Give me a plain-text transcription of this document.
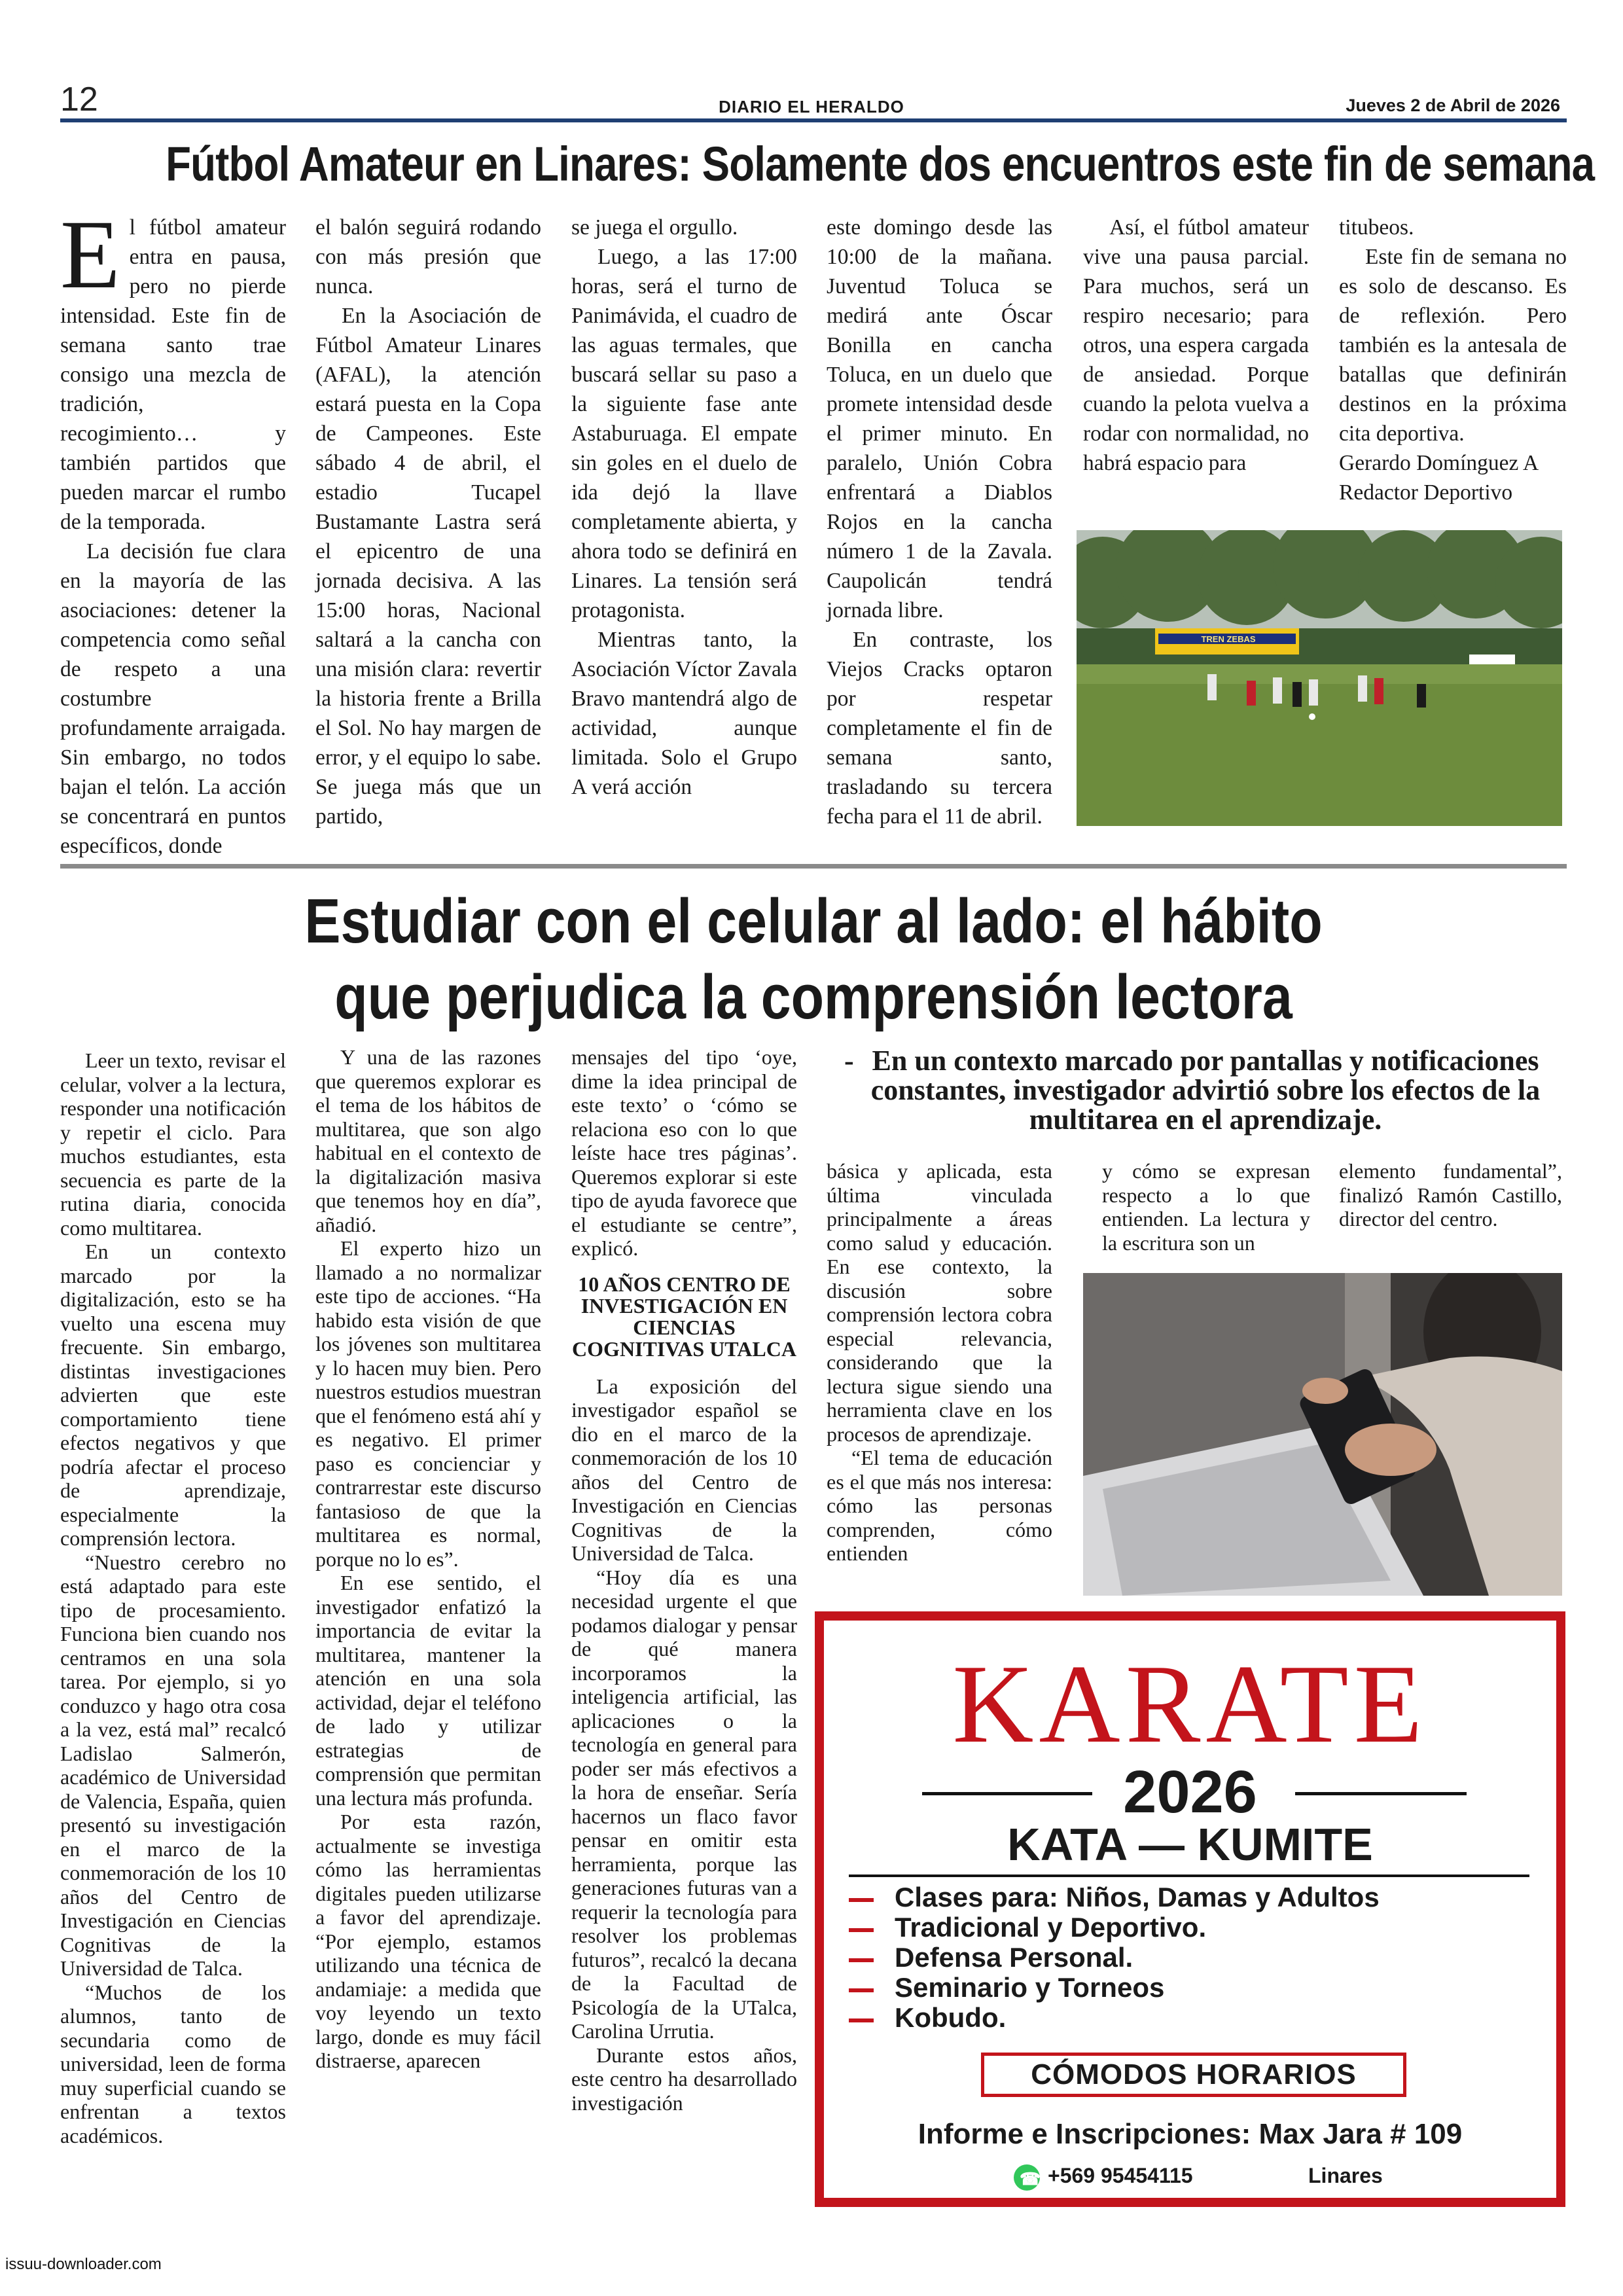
12	DIARIO EL HERALDO	Jueves 2 de Abril de 2026
Fútbol Amateur en Linares: Solamente dos encuentros este fin de semana
E l fútbol amateur entra en pausa, pero no pierde intensidad. Este fin de semana santo trae consigo una mezcla de tradición, recogimiento… y también partidos que pueden marcar el rumbo de la temporada.

La decisión fue clara en la mayoría de las asociaciones: detener la competencia como señal de respeto a una costumbre profundamente arraigada. Sin embargo, no todos bajan el telón. La acción se concentrará en puntos específicos, donde

el balón seguirá rodando con más presión que nunca.

En la Asociación de Fútbol Amateur Linares (AFAL), la atención estará puesta en la Copa de Campeones. Este sábado 4 de abril, el estadio Tucapel Bustamante Lastra será el epicentro de una jornada decisiva. A las 15:00 horas, Nacional saltará a la cancha con una misión clara: revertir la historia frente a Brilla el Sol. No hay margen de error, y el equipo lo sabe. Se juega más que un partido,

se juega el orgullo.

Luego, a las 17:00 horas, será el turno de Panimávida, el cuadro de las aguas termales, que buscará sellar su paso a la siguiente fase ante Astaburuaga. El empate sin goles en el duelo de ida dejó la llave completamente abierta, y ahora todo se definirá en Linares. La tensión será protagonista.

Mientras tanto, la Asociación Víctor Zavala Bravo mantendrá algo de actividad, aunque limitada. Solo el Grupo A verá acción

este domingo desde las 10:00 de la mañana. Juventud Toluca se medirá ante Óscar Bonilla en cancha Toluca, en un duelo que promete intensidad desde el primer minuto. En paralelo, Unión Cobra enfrentará a Diablos Rojos en la cancha número 1 de la Zavala. Caupolicán tendrá jornada libre.

En contraste, los Viejos Cracks optaron por respetar completamente el fin de semana santo, trasladando su tercera fecha para el 11 de abril.

Así, el fútbol amateur vive una pausa parcial. Para muchos, será un respiro necesario; para otros, una espera cargada de ansiedad. Porque cuando la pelota vuelva a rodar con normalidad, no habrá espacio para

titubeos.

Este fin de semana no es solo de descanso. Es de reflexión. Pero también es la antesala de batallas que definirán destinos en la próxima cita deportiva.

Gerardo Domínguez A

Redactor Deportivo

TREN ZEBAS
Estudiar con el celular al lado: el hábito
que perjudica la comprensión lectora
- En un contexto marcado por pantallas y notificaciones constantes, investigador advirtió sobre los efectos de la multitarea en el aprendizaje.

Leer un texto, revisar el celular, volver a la lectura, responder una notificación y repetir el ciclo. Para muchos estudiantes, esta secuencia es parte de la rutina diaria, conocida como multitarea.

En un contexto marcado por la digitalización, esto se ha vuelto una escena muy frecuente. Sin embargo, distintas investigaciones advierten que este comportamiento tiene efectos negativos y que podría afectar el proceso de aprendizaje, especialmente la comprensión lectora.

“Nuestro cerebro no está adaptado para este tipo de procesamiento. Funciona bien cuando nos centramos en una sola tarea. Por ejemplo, si yo conduzco y hago otra cosa a la vez, está mal” recalcó Ladislao Salmerón, académico de Universidad de Valencia, España, quien presentó su investigación en el marco de la conmemoración de los 10 años del Centro de Investigación en Ciencias Cognitivas de la Universidad de Talca.

“Muchos de los alumnos, tanto de secundaria como de universidad, leen de forma muy superficial cuando se enfrentan a textos académicos.

Y una de las razones que queremos explorar es el tema de los hábitos de multitarea, que son algo habitual en el contexto de la digitalización masiva que tenemos hoy en día”, añadió.

El experto hizo un llamado a no normalizar este tipo de acciones. “Ha habido esta visión de que los jóvenes son multitarea y lo hacen muy bien. Pero nuestros estudios muestran que el fenómeno está ahí y es negativo. El primer paso es concienciar y contrarrestar este discurso fantasioso de que la multitarea es normal, porque no lo es”.

En ese sentido, el investigador enfatizó la importancia de evitar la multitarea, mantener la atención en una sola actividad, dejar el teléfono de lado y utilizar estrategias de comprensión que permitan una lectura más profunda.

Por esta razón, actualmente se investiga cómo las herramientas digitales pueden utilizarse a favor del aprendizaje. “Por ejemplo, estamos utilizando una técnica de andamiaje: a medida que voy leyendo un texto largo, donde es muy fácil distraerse, aparecen

mensajes del tipo ‘oye, dime la idea principal de este texto’ o ‘cómo se relaciona eso con lo que leíste hace tres páginas’. Queremos explorar si este tipo de ayuda favorece que el estudiante se centre”, explicó.

10 AÑOS CENTRO DE INVESTIGACIÓN EN CIENCIAS COGNITIVAS UTALCA

La exposición del investigador español se dio en el marco de la conmemoración de los 10 años del Centro de Investigación en Ciencias Cognitivas de la Universidad de Talca.

“Hoy día es una necesidad urgente el que podamos dialogar y pensar de qué manera incorporamos la inteligencia artificial, las aplicaciones o la tecnología en general para poder ser más efectivos a la hora de enseñar. Sería hacernos un flaco favor pensar en omitir esta herramienta, porque las generaciones futuras van a requerir la tecnología para resolver los problemas futuros”, recalcó la decana de la Facultad de Psicología de la UTalca, Carolina Urrutia.

Durante estos años, este centro ha desarrollado investigación

básica y aplicada, esta última vinculada principalmente a áreas como salud y educación. En ese contexto, la discusión sobre comprensión lectora cobra especial relevancia, considerando que la lectura sigue siendo una herramienta clave en los procesos de aprendizaje.

“El tema de educación es el que más nos interesa: cómo las personas comprenden, cómo entienden

y cómo se expresan respecto a lo que entienden. La lectura y la escritura son un

elemento fundamental”, finalizó Ramón Castillo, director del centro.

KARATE
2026
KATA — KUMITE
Clases para: Niños, Damas y Adultos
Tradicional y Deportivo.
Defensa Personal.
Seminario y Torneos
Kobudo.
CÓMODOS HORARIOS
Informe e Inscripciones: Max Jara # 109
☎+569 95454115	Linares
issuu-downloader.com
